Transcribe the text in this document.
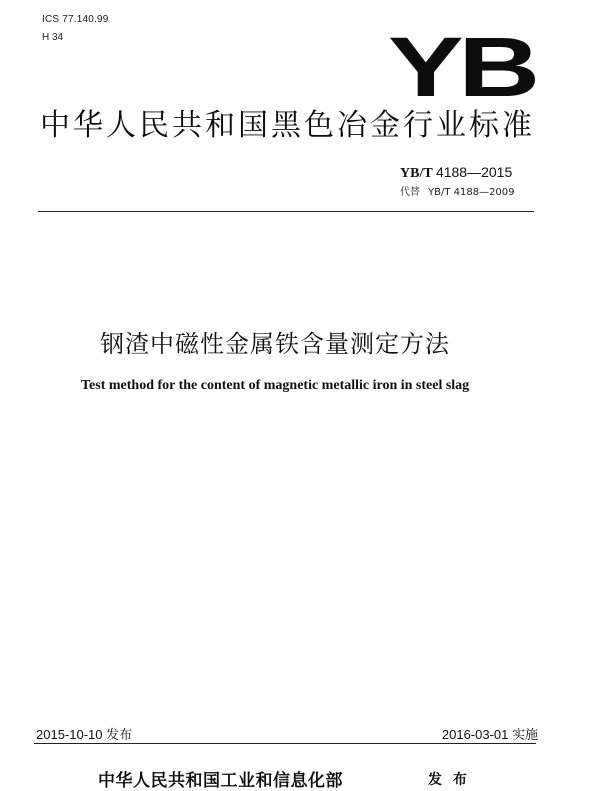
ICS 77.140.99
H 34	YB
中华人民共和国黑色冶金行业标准
YB/T 4188—2015
代替 YB/T 4188—2009
钢渣中磁性金属铁含量测定方法
Test method for the content of magnetic metallic iron in steel slag
2015-10-10 发布	2016-03-01 实施
中华人民共和国工业和信息化部	发 布
